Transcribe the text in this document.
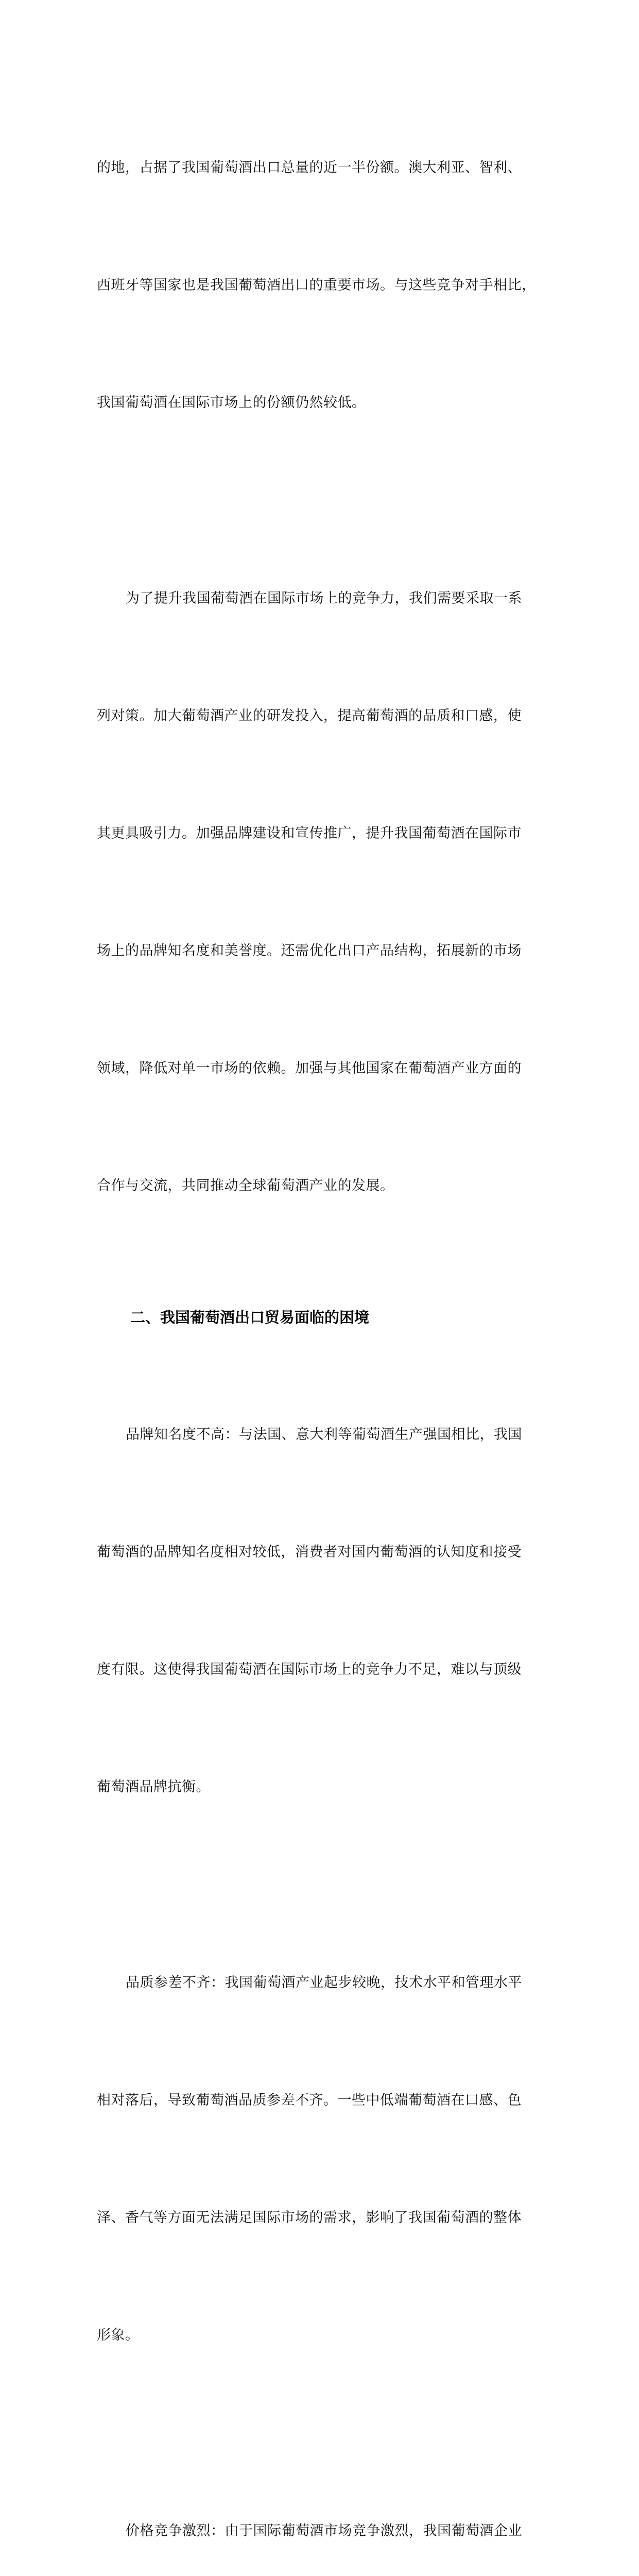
的地，占据了我国葡萄酒出口总量的近一半份额。澳大利亚、智利、

西班牙等国家也是我国葡萄酒出口的重要市场。与这些竞争对手相比，

我国葡萄酒在国际市场上的份额仍然较低。

为了提升我国葡萄酒在国际市场上的竞争力，我们需要采取一系

列对策。加大葡萄酒产业的研发投入，提高葡萄酒的品质和口感，使

其更具吸引力。加强品牌建设和宣传推广，提升我国葡萄酒在国际市

场上的品牌知名度和美誉度。还需优化出口产品结构，拓展新的市场

领域，降低对单一市场的依赖。加强与其他国家在葡萄酒产业方面的

合作与交流，共同推动全球葡萄酒产业的发展。

二、我国葡萄酒出口贸易面临的困境

品牌知名度不高：与法国、意大利等葡萄酒生产强国相比，我国

葡萄酒的品牌知名度相对较低，消费者对国内葡萄酒的认知度和接受

度有限。这使得我国葡萄酒在国际市场上的竞争力不足，难以与顶级

葡萄酒品牌抗衡。

品质参差不齐：我国葡萄酒产业起步较晚，技术水平和管理水平

相对落后，导致葡萄酒品质参差不齐。一些中低端葡萄酒在口感、色

泽、香气等方面无法满足国际市场的需求，影响了我国葡萄酒的整体

形象。

价格竞争激烈：由于国际葡萄酒市场竞争激烈，我国葡萄酒企业
